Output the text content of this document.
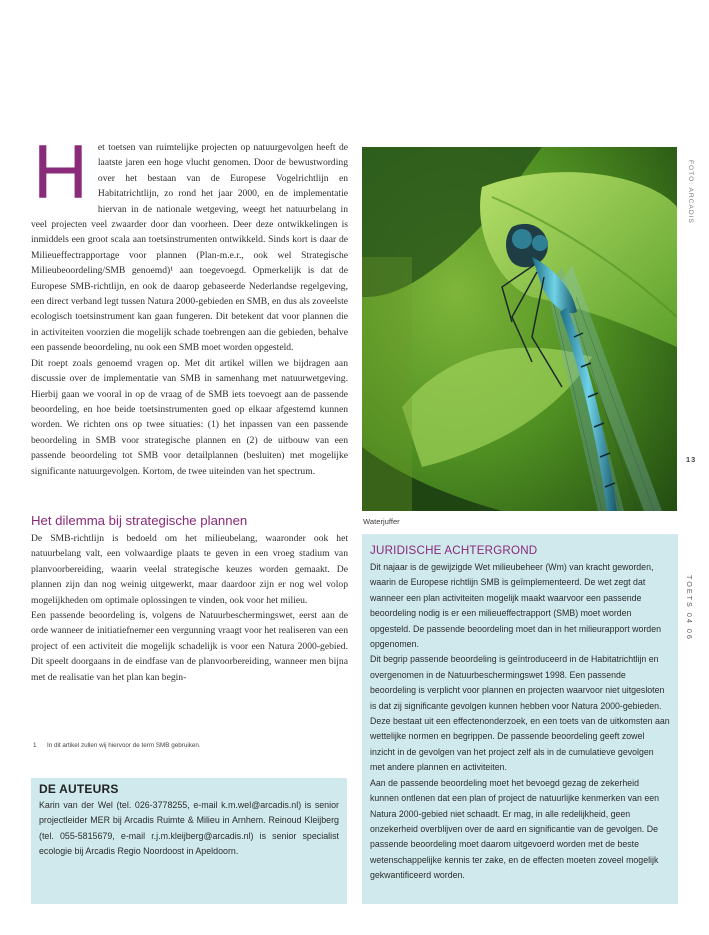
H	et toetsen van ruimtelijke projecten op natuurgevolgen heeft de laatste jaren een hoge vlucht genomen. Door de bewustwording over het bestaan van de Europese Vogelrichtlijn en Habitatrichtlijn, zo rond het jaar 2000, en de implementatie hiervan in de nationale wetgeving, weegt het natuurbelang in veel projecten veel zwaarder door dan voorheen. Deer deze ontwikkelingen is inmiddels een groot scala aan toetsinstrumenten ontwikkeld. Sinds kort is daar de Milieueffectrapportage voor plannen (Plan-m.e.r., ook wel Strategische Milieubeoordeling/SMB genoemd)¹ aan toegevoegd. Opmerkelijk is dat de Europese SMB-richtlijn, en ook de daarop gebaseerde Nederlandse regelgeving, een direct verband legt tussen Natura 2000-gebieden en SMB, en dus als zoveelste ecologisch toetsinstrument kan gaan fungeren. Dit betekent dat voor plannen die in activiteiten voorzien die mogelijk schade toebrengen aan die gebieden, behalve een passende beoordeling, nu ook een SMB moet worden opgesteld.

Dit roept zoals genoemd vragen op. Met dit artikel willen we bijdragen aan discussie over de implementatie van SMB in samenhang met natuurwetgeving. Hierbij gaan we vooral in op de vraag of de SMB iets toevoegt aan de passende beoordeling, en hoe beide toetsinstrumenten goed op elkaar afgestemd kunnen worden. We richten ons op twee situaties: (1) het inpassen van een passende beoordeling in SMB voor strategische plannen en (2) de uitbouw van een passende beoordeling tot SMB voor detailplannen (besluiten) met mogelijke significante natuurgevolgen. Kortom, de twee uiteinden van het spectrum.

Het dilemma bij strategische plannen

De SMB-richtlijn is bedoeld om het milieubelang, waaronder ook het natuurbelang valt, een volwaardige plaats te geven in een vroeg stadium van planvoorbereiding, waarin veelal strategische keuzes worden gemaakt. De plannen zijn dan nog weinig uitgewerkt, maar daardoor zijn er nog wel volop mogelijkheden om optimale oplossingen te vinden, ook voor het milieu.

Een passende beoordeling is, volgens de Natuurbeschermingswet, eerst aan de orde wanneer de initiatiefnemer een vergunning vraagt voor het realiseren van een project of een activiteit die mogelijk schadelijk is voor een Natura 2000-gebied. Dit speelt doorgaans in de eindfase van de planvoorbereiding, wanneer men bijna met de realisatie van het plan kan begin-

1 In dit artikel zullen wij hiervoor de term SMB gebruiken.
DE AUTEURS

Karin van der Wel (tel. 026-3778255, e-mail k.m.wel@arcadis.nl) is senior projectleider MER bij Arcadis Ruimte & Milieu in Arnhem. Reinoud Kleijberg (tel. 055-5815679, e-mail r.j.m.kleijberg@arcadis.nl) is senior specialist ecologie bij Arcadis Regio Noordoost in Apeldoorn.

Waterjuffer
FOTO: ARCADIS
13
TOETS 04 06
JURIDISCHE ACHTERGROND

Dit najaar is de gewijzigde Wet milieubeheer (Wm) van kracht geworden, waarin de Europese richtlijn SMB is geïmplementeerd. De wet zegt dat wanneer een plan activiteiten mogelijk maakt waarvoor een passende beoordeling nodig is er een milieueffectrapport (SMB) moet worden opgesteld. De passende beoordeling moet dan in het milieurapport worden opgenomen.

Dit begrip passende beoordeling is geïntroduceerd in de Habitatrichtlijn en overgenomen in de Natuurbeschermingswet 1998. Een passende beoordeling is verplicht voor plannen en projecten waarvoor niet uitgesloten is dat zij significante gevolgen kunnen hebben voor Natura 2000-gebieden. Deze bestaat uit een effectenonderzoek, en een toets van de uitkomsten aan wettelijke normen en begrippen. De passende beoordeling geeft zowel inzicht in de gevolgen van het project zelf als in de cumulatieve gevolgen met andere plannen en activiteiten.

Aan de passende beoordeling moet het bevoegd gezag de zekerheid kunnen ontlenen dat een plan of project de natuurlijke kenmerken van een Natura 2000-gebied niet schaadt. Er mag, in alle redelijkheid, geen onzekerheid overblijven over de aard en significantie van de gevolgen. De passende beoordeling moet daarom uitgevoerd worden met de beste wetenschappelijke kennis ter zake, en de effecten moeten zoveel mogelijk gekwantificeerd worden.
